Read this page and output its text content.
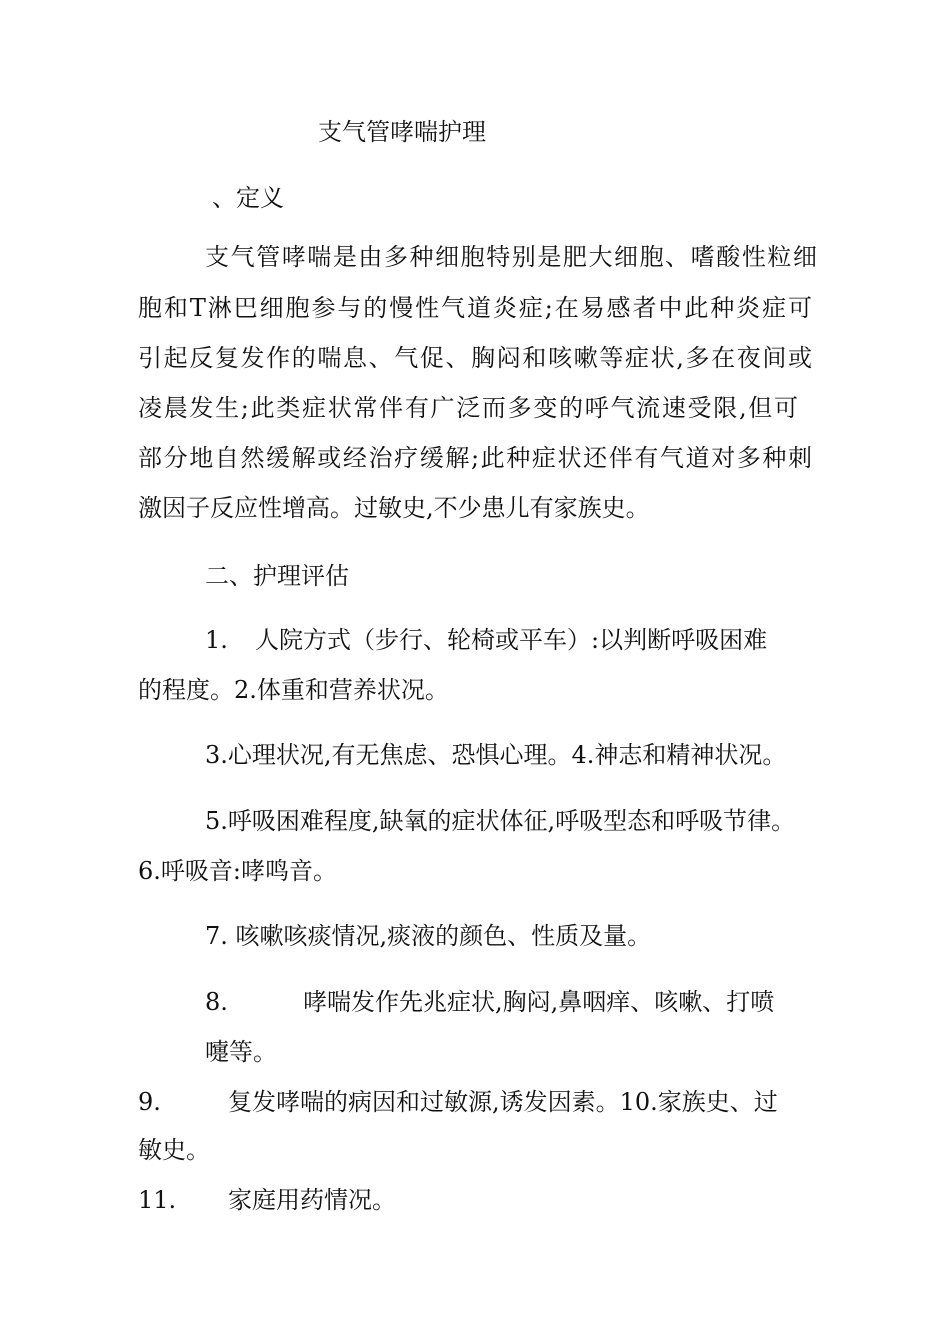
支气管哮喘护理
、定义
支气管哮喘是由多种细胞特别是肥大细胞、嗜酸性粒细
胞和T淋巴细胞参与的慢性气道炎症;在易感者中此种炎症可
引起反复发作的喘息、气促、胸闷和咳嗽等症状,多在夜间或
凌晨发生;此类症状常伴有广泛而多变的呼气流速受限,但可
部分地自然缓解或经治疗缓解;此种症状还伴有气道对多种刺
激因子反应性增高。过敏史,不少患儿有家族史。
二、护理评估
1. 人院方式（步行、轮椅或平车）:以判断呼吸困难
的程度。2.体重和营养状况。
3.心理状况,有无焦虑、恐惧心理。4.神志和精神状况。
5.呼吸困难程度,缺氧的症状体征,呼吸型态和呼吸节律。
6.呼吸音:哮鸣音。
7. 咳嗽咳痰情况,痰液的颜色、性质及量。
8.	哮喘发作先兆症状,胸闷,鼻咽痒、咳嗽、打喷
嚏等。
9.	复发哮喘的病因和过敏源,诱发因素。10.家族史、过
敏史。
11. 家庭用药情况。
